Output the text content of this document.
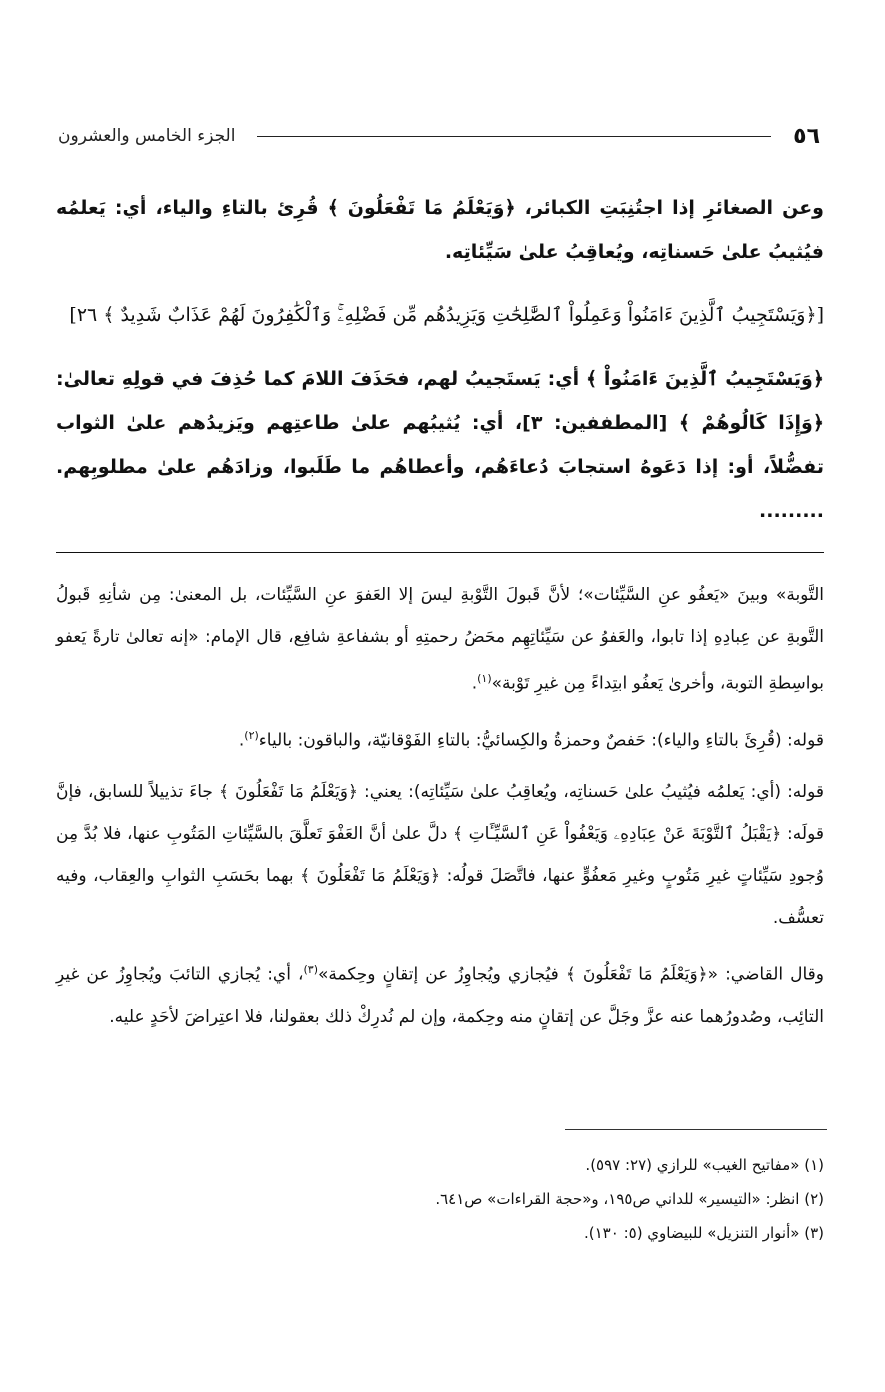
٥٦
الجزء الخامس والعشرون

وعن الصغائرِ إذا اجتُنِبَتِ الكبائر، ﴿وَيَعْلَمُ مَا تَفْعَلُونَ ﴾ قُرِئ بالتاءِ والياء، أي: يَعلمُه فيُثيبُ علىٰ حَسناتِه، ويُعاقِبُ علىٰ سَيِّئاتِه.

[﴿وَيَسْتَجِيبُ ٱلَّذِينَ ءَامَنُواْ وَعَمِلُواْ ٱلصَّٰلِحَٰتِ وَيَزِيدُهُم مِّن فَضْلِهِۦۚ وَٱلْكَٰفِرُونَ لَهُمْ عَذَابٌ شَدِيدٌ ﴾ ٢٦]

﴿وَيَسْتَجِيبُ ٱلَّذِينَ ءَامَنُواْ ﴾ أي: يَستَجيبُ لهم، فحَذَفَ اللامَ كما حُذِفَ في قولِهِ تعالىٰ: ﴿وَإِذَا كَالُوهُمْ ﴾ [المطففين: ٣]، أي: يُثيبُهم علىٰ طاعتِهم ويَزيدُهم علىٰ الثواب تفضُّلاً، أو: إذا دَعَوهُ استجابَ دُعاءَهُم، وأعطاهُم ما طَلَبوا، وزادَهُم علىٰ مطلوبِهم. .........

التَّوبة» وبينَ «يَعفُو عنِ السَّيِّئات»؛ لأنَّ قَبولَ التَّوْبةِ ليسَ إلا العَفوَ عنِ السَّيِّئات، بل المعنىٰ: مِن شأنِهِ قَبولُ التَّوبةِ عن عِبادِهِ إذا تابوا، والعَفوُ عن سَيِّئاتِهِم محَضُ رحمتِهِ أو بشفاعةِ شافِع، قال الإمام: «إنه تعالىٰ تارةً يَعفو بواسِطةِ التوبة، وأخرىٰ يَعفُو ابتِداءً مِن غيرِ تَوْبة»$^{(١)}$.

قوله: (قُرِئَ بالتاءِ والياء): حَفصٌ وحمزةُ والكِسائيُّ: بالتاءِ الفَوْقانيّة، والباقون: بالياء$^{(٢)}$.

قوله: (أي: يَعلمُه فيُثيبُ علىٰ حَسناتِه، ويُعاقِبُ علىٰ سَيِّئاتِه): يعني: ﴿وَيَعْلَمُ مَا تَفْعَلُونَ ﴾ جاءَ تذييلاً للسابق، فإنَّ قولَه: ﴿يَقْبَلُ ٱلتَّوْبَةَ عَنْ عِبَادِهِۦ وَيَعْفُواْ عَنِ ٱلسَّيِّـَٔاتِ ﴾ دلَّ علىٰ أنَّ العَفْوَ تَعلَّقَ بالسَّيِّئاتِ المَتُوبِ عنها، فلا بُدَّ مِن وُجودِ سَيِّئاتٍ غيرِ مَتُوبٍ وغيرِ مَعفُوٍّ عنها، فاتَّصَلَ قولُه: ﴿وَيَعْلَمُ مَا تَفْعَلُونَ ﴾ بهما بحَسَبِ الثوابِ والعِقاب، وفيه تعسُّف.

وقال القاضي: «﴿وَيَعْلَمُ مَا تَفْعَلُونَ ﴾ فيُجازي ويُجاوِزُ عن إتقانٍ وحِكمة»$^{(٣)}$، أي: يُجازي التائبَ ويُجاوِزُ عن غيرِ التائِب، وصُدورُهما عنه عزَّ وجَلَّ عن إتقانٍ منه وحِكمة، وإن لم نُدرِكْ ذلك بعقولنا، فلا اعتِراضَ لأحَدٍ عليه.

(١) «مفاتيح الغيب» للرازي (٢٧: ٥٩٧).

(٢) انظر: «التيسير» للداني ص١٩٥، و«حجة القراءات» ص٦٤١.

(٣) «أنوار التنزيل» للبيضاوي (٥: ١٣٠).
